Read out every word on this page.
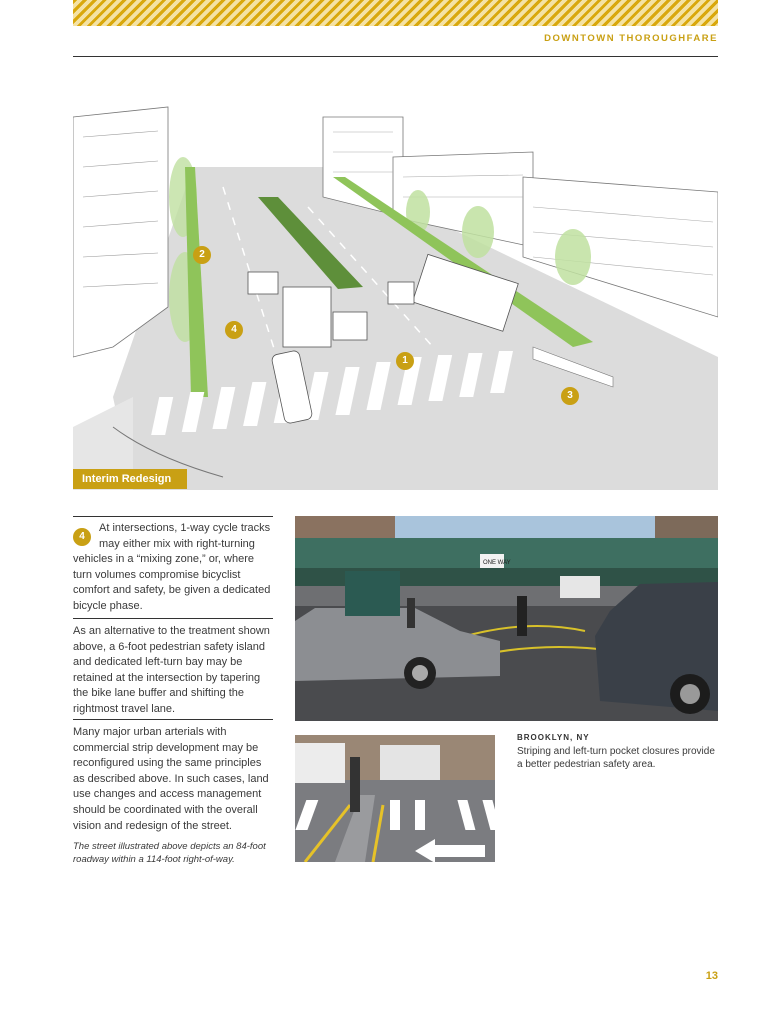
DOWNTOWN THOROUGHFARE
2
4
1
3
Interim Redesign
4

At intersections, 1-way cycle tracks may either mix with right-turning vehicles in a “mixing zone,” or, where turn volumes compromise bicyclist comfort and safety, be given a dedicated bicycle phase.

As an alternative to the treatment shown above, a 6-foot pedestrian safety island and dedicated left-turn bay may be retained at the intersection by tapering the bike lane buffer and shifting the rightmost travel lane.

Many major urban arterials with commercial strip development may be reconfigured using the same principles as described above. In such cases, land use changes and access management should be coordinated with the overall vision and redesign of the street.

The street illustrated above depicts an 84-foot roadway within a 114-foot right-of-way.

ONE WAY
BROOKLYN, NY

Striping and left-turn pocket closures provide a better pedestrian safety area.

13
